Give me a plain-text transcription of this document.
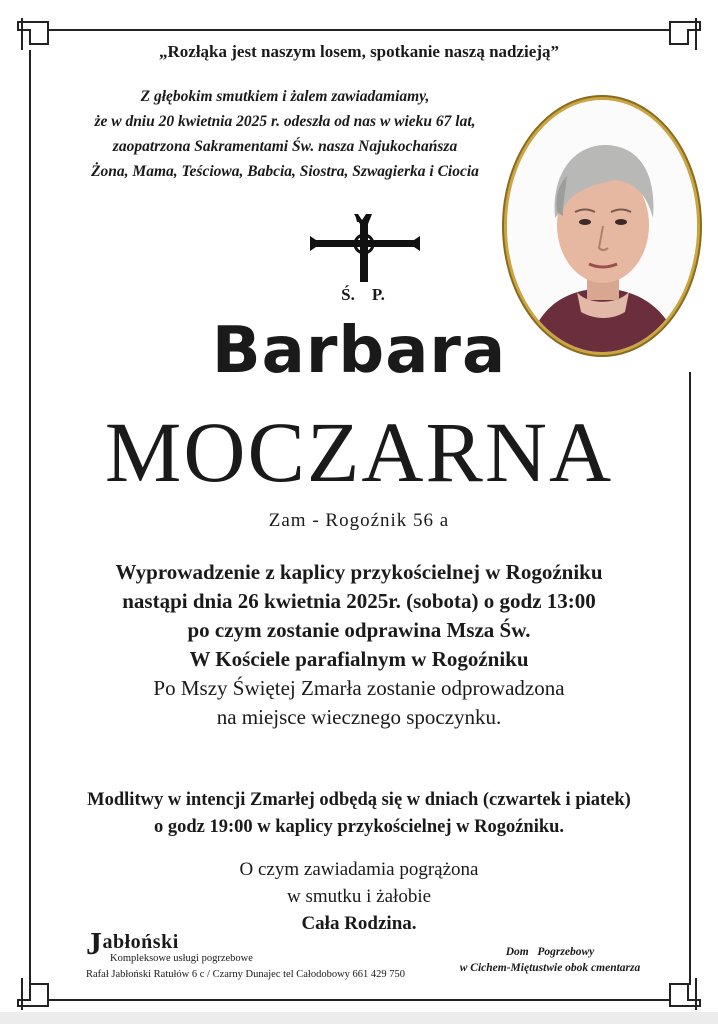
„Rozłąka jest naszym losem, spotkanie naszą nadzieją”
Z głębokim smutkiem i żalem zawiadamiamy,
że w dniu 20 kwietnia 2025 r. odeszła od nas w wieku 67 lat,
zaopatrzona Sakramentami Św. nasza Najukochańsza
Żona, Mama, Teściowa, Babcia, Siostra, Szwagierka i Ciocia
Ś.    P.
Barbara
MOCZARNA
Zam - Rogoźnik 56 a
Wyprowadzenie z kaplicy przykościelnej w Rogoźniku
nastąpi dnia 26 kwietnia 2025r. (sobota) o godz 13:00
po czym zostanie odprawina Msza Św.
W Kościele parafialnym w Rogoźniku
Po Mszy Świętej Zmarła zostanie odprowadzona
na miejsce wiecznego spoczynku.
Modlitwy w intencji Zmarłej odbędą się w dniach (czwartek i piatek)
o godz 19:00 w kaplicy przykościelnej w Rogoźniku.
O czym zawiadamia pogrążona
w smutku i żałobie
Cała Rodzina.
Jabłoński
Kompleksowe usługi pogrzebowe
Rafał Jabłoński Ratułów 6 c / Czarny Dunajec tel Całodobowy 661 429 750
Dom   Pogrzebowy
w Cichem-Miętustwie obok cmentarza
